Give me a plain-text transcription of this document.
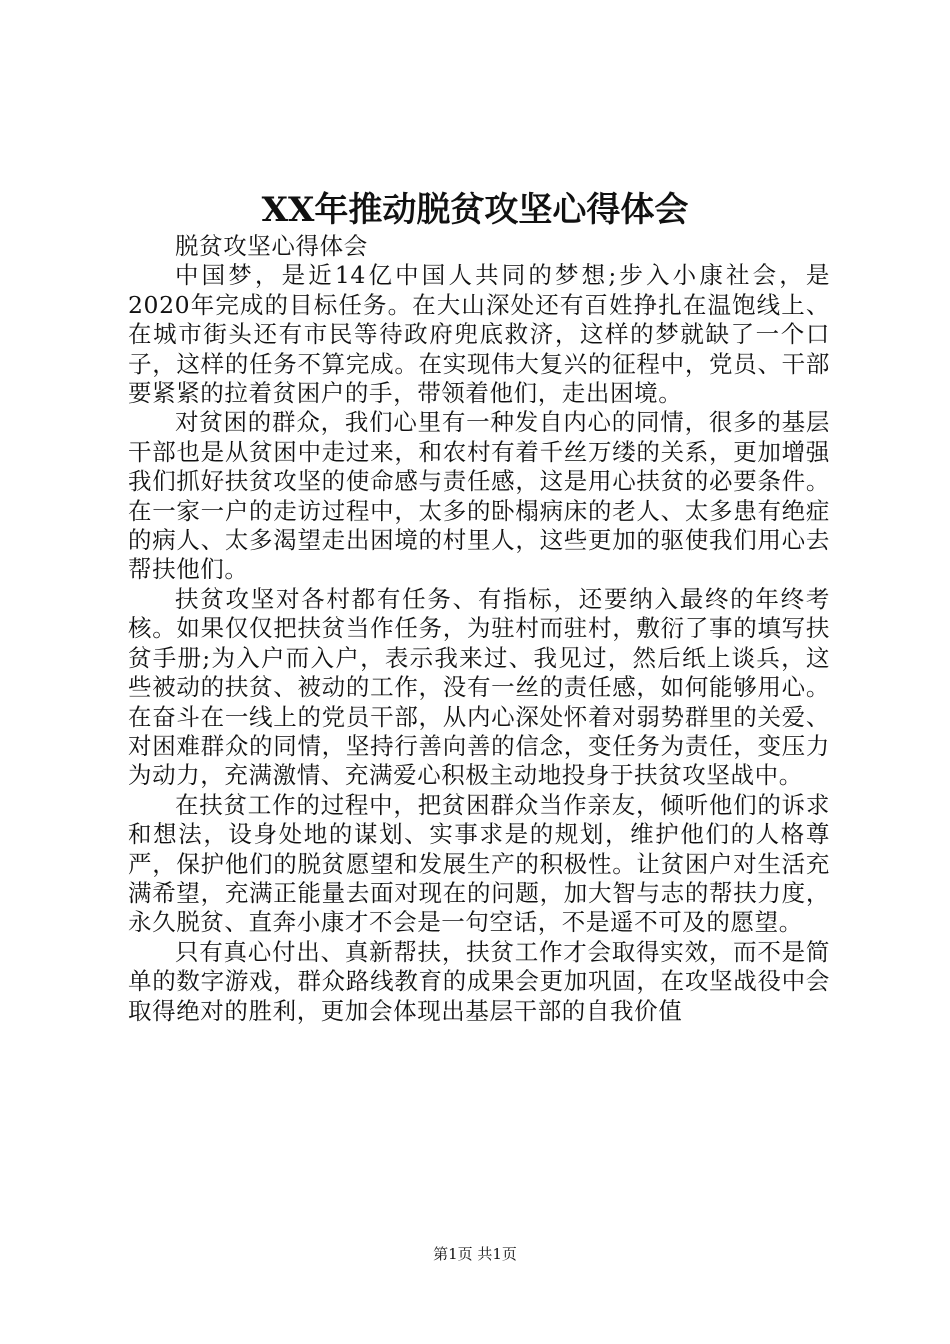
XX年推动脱贫攻坚心得体会

脱贫攻坚心得体会

中国梦，是近14亿中国人共同的梦想;步入小康社会，是2020年完成的目标任务。在大山深处还有百姓挣扎在温饱线上、在城市街头还有市民等待政府兜底救济，这样的梦就缺了一个口子，这样的任务不算完成。在实现伟大复兴的征程中，党员、干部要紧紧的拉着贫困户的手，带领着他们，走出困境。

对贫困的群众，我们心里有一种发自内心的同情，很多的基层干部也是从贫困中走过来，和农村有着千丝万缕的关系，更加增强我们抓好扶贫攻坚的使命感与责任感，这是用心扶贫的必要条件。在一家一户的走访过程中，太多的卧榻病床的老人、太多患有绝症的病人、太多渴望走出困境的村里人，这些更加的驱使我们用心去帮扶他们。

扶贫攻坚对各村都有任务、有指标，还要纳入最终的年终考核。如果仅仅把扶贫当作任务，为驻村而驻村，敷衍了事的填写扶贫手册;为入户而入户，表示我来过、我见过，然后纸上谈兵，这些被动的扶贫、被动的工作，没有一丝的责任感，如何能够用心。在奋斗在一线上的党员干部，从内心深处怀着对弱势群里的关爱、对困难群众的同情，坚持行善向善的信念，变任务为责任，变压力为动力，充满激情、充满爱心积极主动地投身于扶贫攻坚战中。

在扶贫工作的过程中，把贫困群众当作亲友，倾听他们的诉求和想法，设身处地的谋划、实事求是的规划，维护他们的人格尊严，保护他们的脱贫愿望和发展生产的积极性。让贫困户对生活充满希望，充满正能量去面对现在的问题，加大智与志的帮扶力度，永久脱贫、直奔小康才不会是一句空话，不是遥不可及的愿望。

只有真心付出、真新帮扶，扶贫工作才会取得实效，而不是简单的数字游戏，群众路线教育的成果会更加巩固，在攻坚战役中会取得绝对的胜利，更加会体现出基层干部的自我价值

第1页 共1页
